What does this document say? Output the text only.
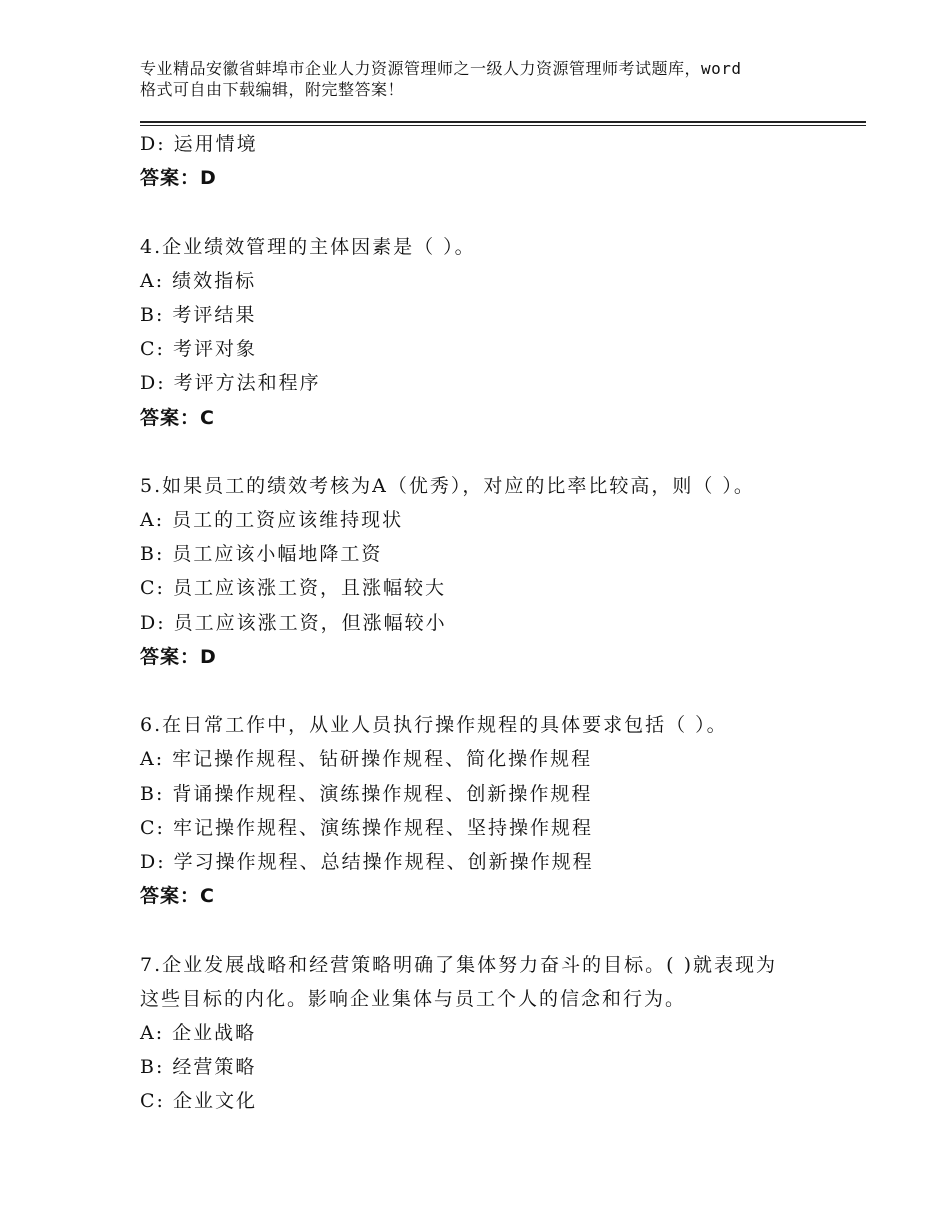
专业精品安徽省蚌埠市企业人力资源管理师之一级人力资源管理师考试题库，word
格式可自由下载编辑，附完整答案！
D: 运用情境
答案：D
4.企业绩效管理的主体因素是（ ）。
A: 绩效指标
B: 考评结果
C: 考评对象
D: 考评方法和程序
答案：C
5.如果员工的绩效考核为A（优秀），对应的比率比较高，则（ ）。
A: 员工的工资应该维持现状
B: 员工应该小幅地降工资
C: 员工应该涨工资，且涨幅较大
D: 员工应该涨工资，但涨幅较小
答案：D
6.在日常工作中，从业人员执行操作规程的具体要求包括（ ）。
A: 牢记操作规程、钻研操作规程、简化操作规程
B: 背诵操作规程、演练操作规程、创新操作规程
C: 牢记操作规程、演练操作规程、坚持操作规程
D: 学习操作规程、总结操作规程、创新操作规程
答案：C
7.企业发展战略和经营策略明确了集体努力奋斗的目标。( )就表现为
这些目标的内化。影响企业集体与员工个人的信念和行为。
A: 企业战略
B: 经营策略
C: 企业文化
